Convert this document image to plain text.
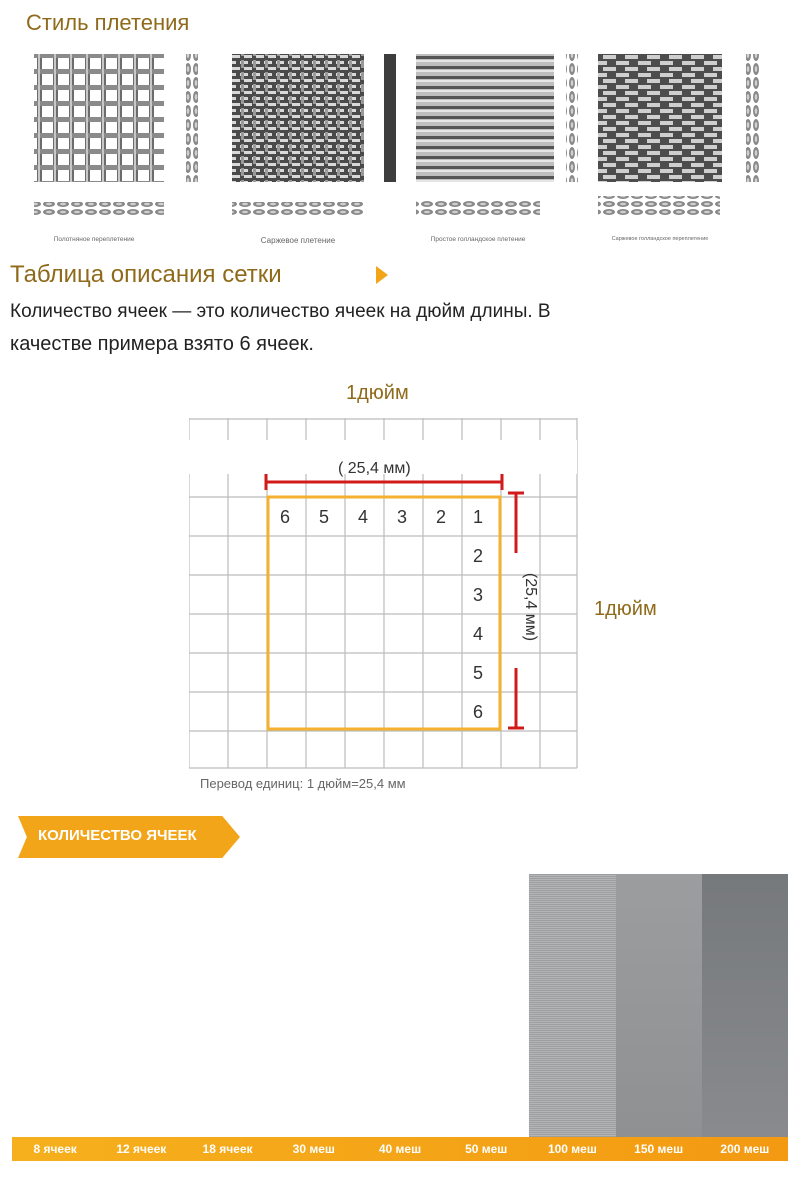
Стиль плетения
Полотняное переплетение	Саржевое плетение	Простое голландское плетение	Саржевое голландское переплетение
Таблица описания сетки
Количество ячеек — это количество ячеек на дюйм длины. В
качестве примера взято 6 ячеек.
1дюйм
1дюйм
( 25,4 мм)
(25,4 мм)
6	5	4	3	2	1
2
3
4
5
6
Перевод единиц: 1 дюйм=25,4 мм
КОЛИЧЕСТВО ЯЧЕЕК
8 ячеек	12 ячеек	18 ячеек	30 меш	40 меш	50 меш	100 меш	150 меш	200 меш
